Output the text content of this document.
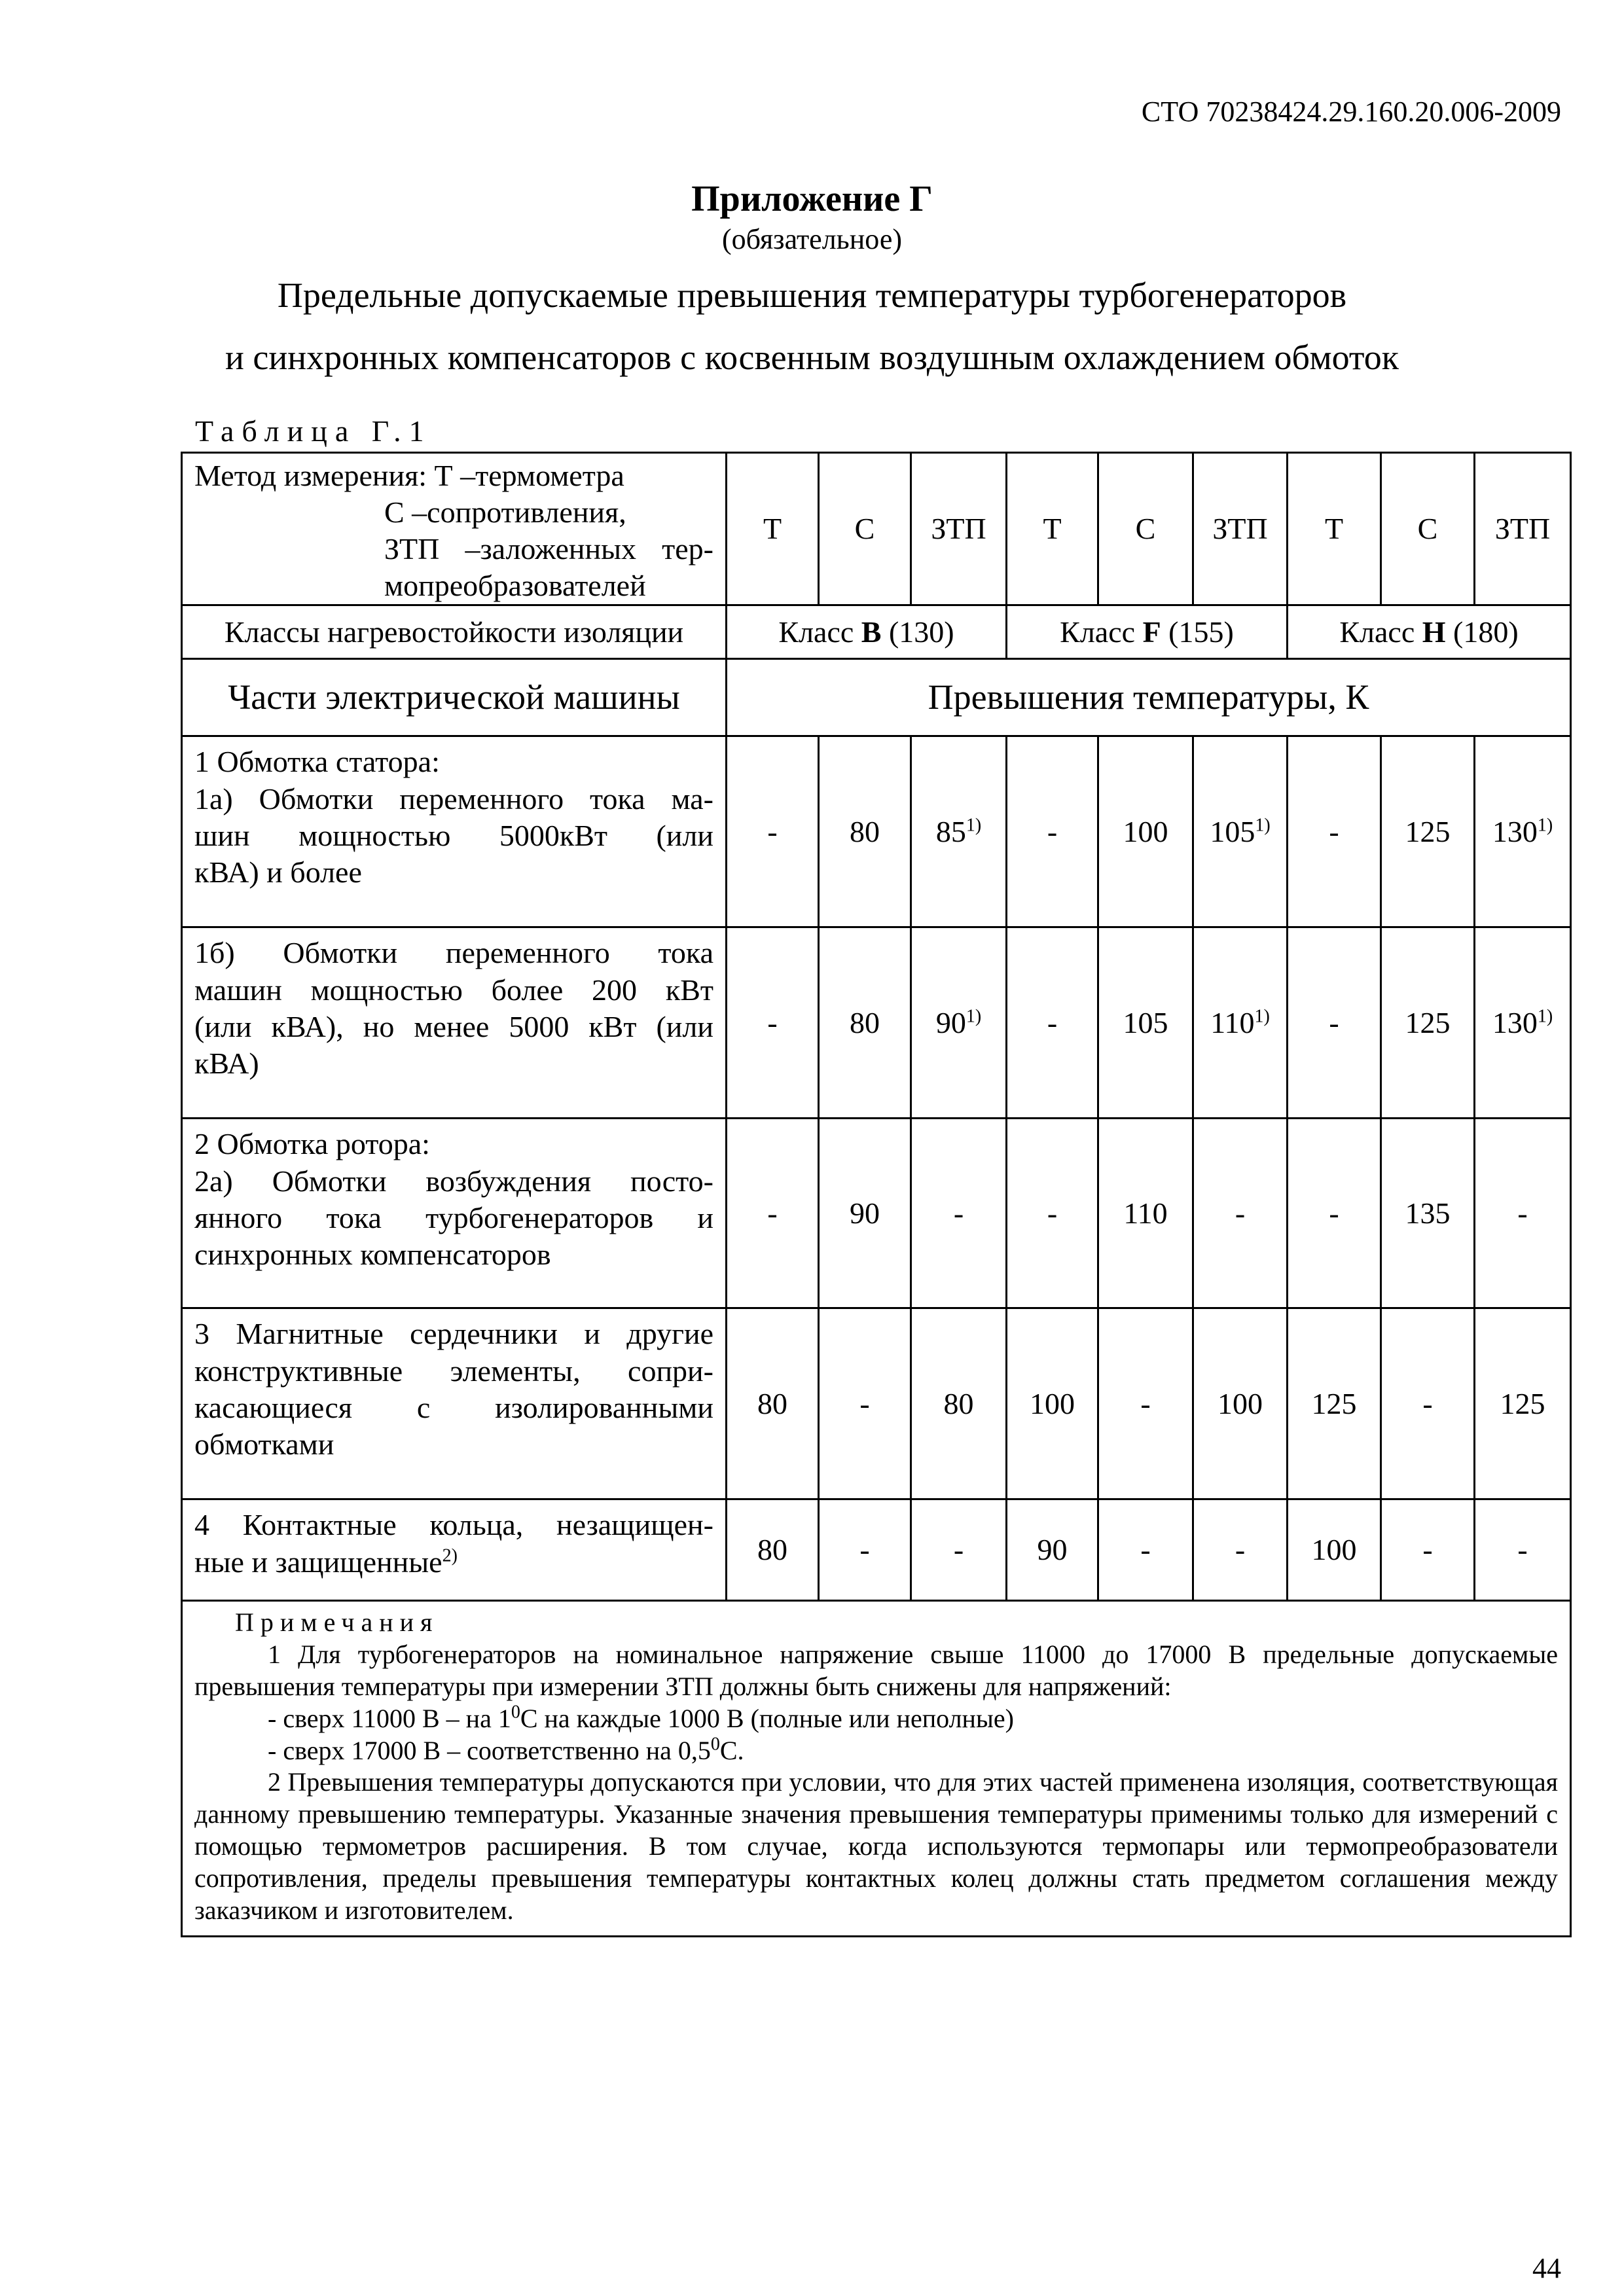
СТО 70238424.29.160.20.006-2009
Приложение Г
(обязательное)
Предельные допускаемые превышения температуры турбогенераторов
и синхронных компенсаторов с косвенным воздушным охлаждением обмоток
Таблица Г.1
Метод измерения: Т –термометра
С –сопротивления,
ЗТП –заложенных тер-
мопреобразователей	Т	С	ЗТП	Т	С	ЗТП	Т	С	ЗТП
Классы нагревостойкости изоляции	Класс B (130)			Класс F (155)			Класс H (180)		
Части электрической машины	Превышения температуры, К								

1 Обмотка статора:
1а) Обмотки переменного тока ма-
шин мощностью 5000кВт (или
кВА) и более	-	80	85$^{1)}$	-	100	105$^{1)}$	-	125	130$^{1)}$

1б) Обмотки переменного тока
машин мощностью более 200 кВт
(или кВА), но менее 5000 кВт (или
кВА)	-	80	90$^{1)}$	-	105	110$^{1)}$	-	125	130$^{1)}$

2 Обмотка ротора:
2а) Обмотки возбуждения посто-
янного тока турбогенераторов и
синхронных компенсаторов	-	90	-	-	110	-	-	135	-

3 Магнитные сердечники и другие
конструктивные элементы, сопри-
касающиеся с изолированными
обмотками	80	-	80	100	-	100	125	-	125

4 Контактные кольца, незащищен-
ные и защищенные$^{2)}$	80	-	-	90	-	-	100	-	-

Примечания

1 Для турбогенераторов на номинальное напряжение свыше 11000 до 17000 В предельные допускаемые превышения температуры при измерении ЗТП должны быть снижены для напряжений:

- сверх 11000 В – на $1^0С$ на каждые 1000 В (полные или неполные)

- сверх 17000 В – соответственно на $0,5^0С$.

2 Превышения температуры допускаются при условии, что для этих частей применена изоляция, соответствующая данному превышению температуры. Указанные значения превышения температуры применимы только для измерений с помощью термометров расширения. В том случае, когда используются термопары или термопреобразователи сопротивления, пределы превышения температуры контактных колец должны стать предметом соглашения между заказчиком и изготовителем.									

44
